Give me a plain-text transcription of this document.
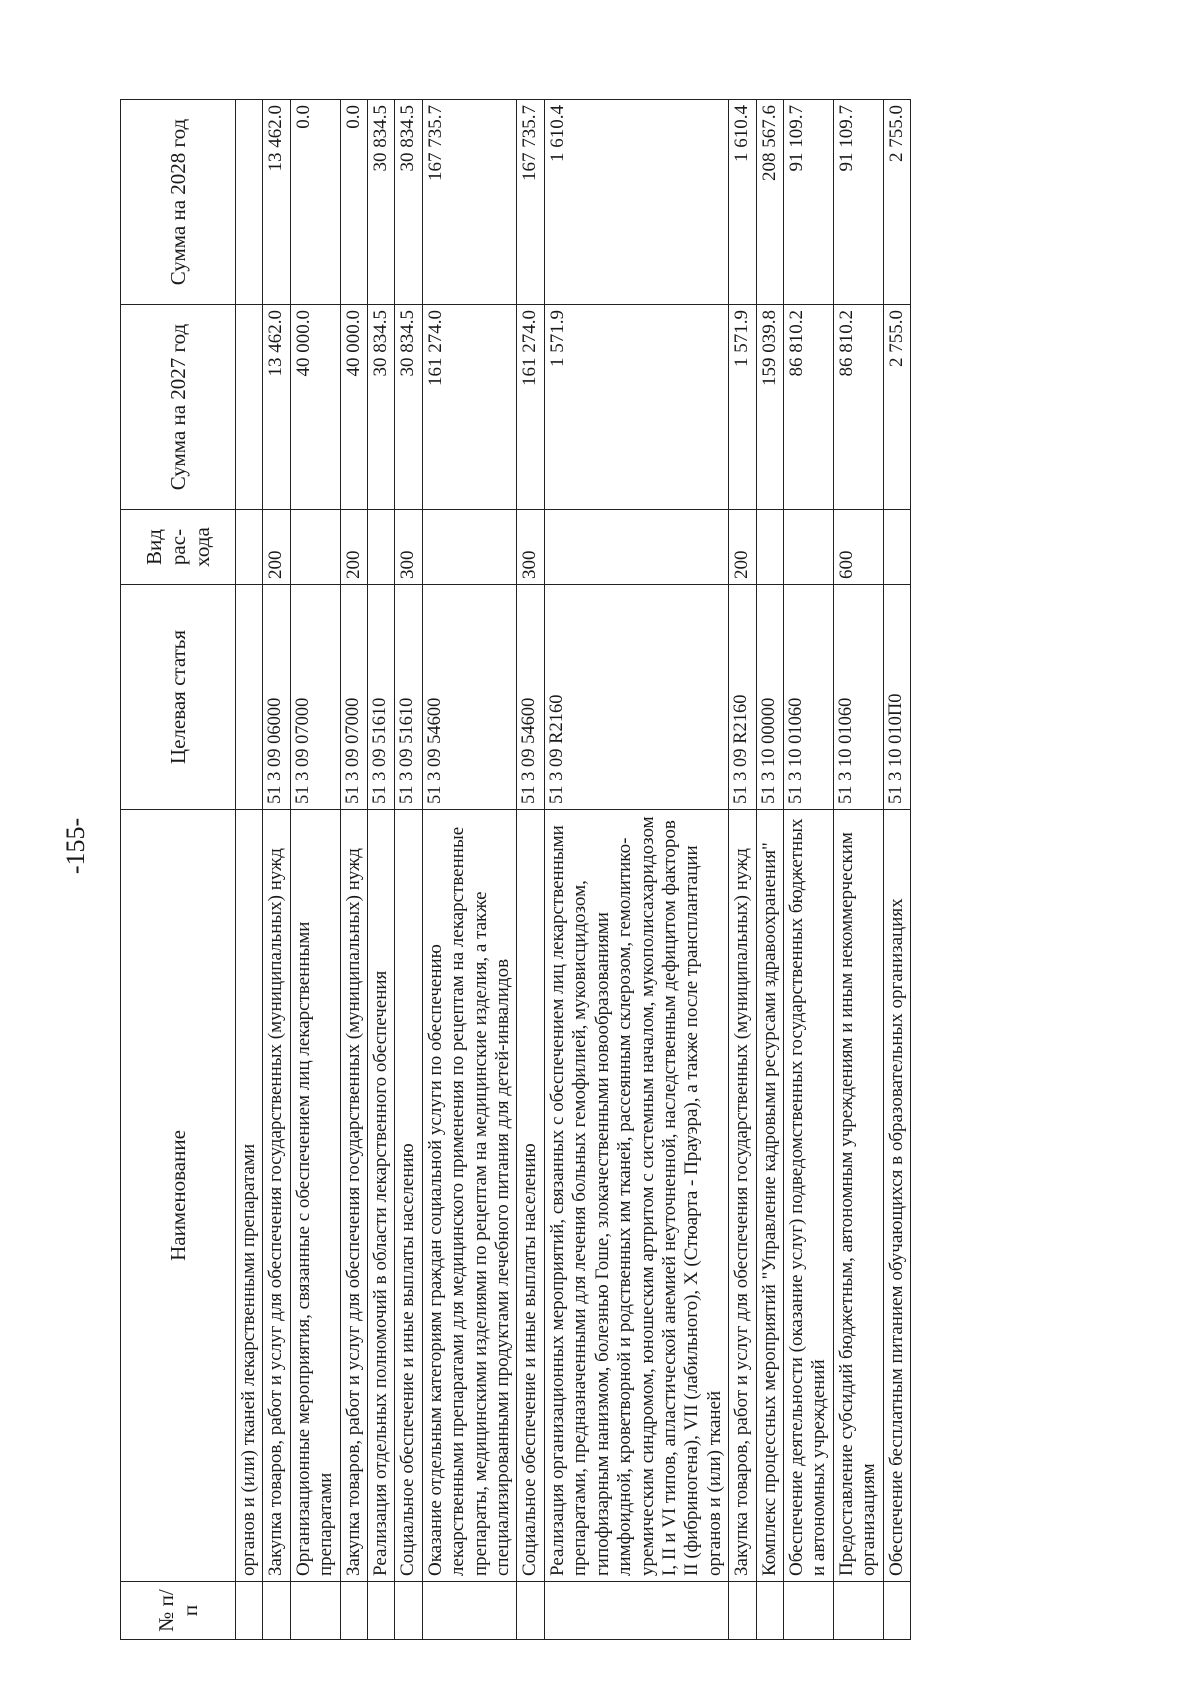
-155-
№ п/п	Наименование	Целевая статья	Вид рас-хода	Сумма на 2027 год	Сумма на 2028 год
	органов и (или) тканей лекарственными препаратами				
	Закупка товаров, работ и услуг для обеспечения государственных (муниципальных) нужд	51 3 09 06000	200	13 462.0	13 462.0
	Организационные мероприятия, связанные с обеспечением лиц лекарственными препаратами	51 3 09 07000		40 000.0	0.0
	Закупка товаров, работ и услуг для обеспечения государственных (муниципальных) нужд	51 3 09 07000	200	40 000.0	0.0
	Реализация отдельных полномочий в области лекарственного обеспечения	51 3 09 51610		30 834.5	30 834.5
	Социальное обеспечение и иные выплаты населению	51 3 09 51610	300	30 834.5	30 834.5
	Оказание отдельным категориям граждан социальной услуги по обеспечению лекарственными препаратами для медицинского применения по рецептам на лекарственные препараты, медицинскими изделиями по рецептам на медицинские изделия, а также специализированными продуктами лечебного питания для детей-инвалидов	51 3 09 54600		161 274.0	167 735.7
	Социальное обеспечение и иные выплаты населению	51 3 09 54600	300	161 274.0	167 735.7
	Реализация организационных мероприятий, связанных с обеспечением лиц лекарственными препаратами, предназначенными для лечения больных гемофилией, муковисцидозом, гипофизарным нанизмом, болезнью Гоше, злокачественными новообразованиями лимфоидной, кроветворной и родственных им тканей, рассеянным склерозом, гемолитико-уремическим синдромом, юношеским артритом с системным началом, мукополисахаридозом I, II и VI типов, апластической анемией неуточненной, наследственным дефицитом факторов II (фибриногена), VII (лабильного), X (Стюарта - Прауэра), а также после трансплантации органов и (или) тканей	51 3 09 R2160		1 571.9	1 610.4
	Закупка товаров, работ и услуг для обеспечения государственных (муниципальных) нужд	51 3 09 R2160	200	1 571.9	1 610.4
	Комплекс процессных мероприятий "Управление кадровыми ресурсами здравоохранения"	51 3 10 00000		159 039.8	208 567.6
	Обеспечение деятельности (оказание услуг) подведомственных государственных бюджетных и автономных учреждений	51 3 10 01060		86 810.2	91 109.7
	Предоставление субсидий бюджетным, автономным учреждениям и иным некоммерческим организациям	51 3 10 01060	600	86 810.2	91 109.7
	Обеспечение бесплатным питанием обучающихся в образовательных организациях	51 3 10 010П0		2 755.0	2 755.0
